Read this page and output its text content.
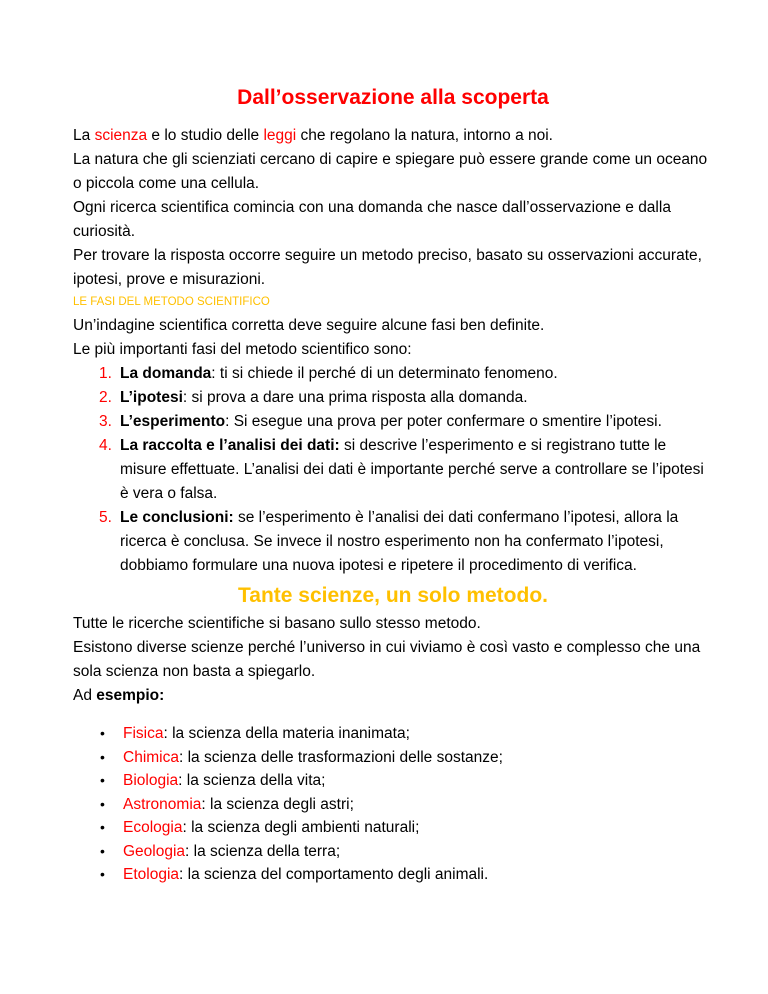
Dall’osservazione alla scoperta

La scienza e lo studio delle leggi che regolano la natura, intorno a noi.

La natura che gli scienziati cercano di capire e spiegare può essere grande come un oceano o piccola come una cellula.

Ogni ricerca scientifica comincia con una domanda che nasce dall’osservazione e dalla curiosità.

Per trovare la risposta occorre seguire un metodo preciso, basato su osservazioni accurate, ipotesi, prove e misurazioni.

LE FASI DEL METODO SCIENTIFICO

Un’indagine scientifica corretta deve seguire alcune fasi ben definite.

Le più importanti fasi del metodo scientifico sono:

1. La domanda: ti si chiede il perché di un determinato fenomeno.
2. L’ipotesi: si prova a dare una prima risposta alla domanda.
3. L’esperimento: Si esegue una prova per poter confermare o smentire l’ipotesi.
4. La raccolta e l’analisi dei dati: si descrive l’esperimento e si registrano tutte le misure effettuate. L’analisi dei dati è importante perché serve a controllare se l’ipotesi è vera o falsa.
5. Le conclusioni: se l’esperimento è l’analisi dei dati confermano l’ipotesi, allora la ricerca è conclusa. Se invece il nostro esperimento non ha confermato l’ipotesi, dobbiamo formulare una nuova ipotesi e ripetere il procedimento di verifica.
Tante scienze, un solo metodo.

Tutte le ricerche scientifiche si basano sullo stesso metodo.

Esistono diverse scienze perché l’universo in cui viviamo è così vasto e complesso che una sola scienza non basta a spiegarlo.

Ad esempio:

• Fisica: la scienza della materia inanimata;
• Chimica: la scienza delle trasformazioni delle sostanze;
• Biologia: la scienza della vita;
• Astronomia: la scienza degli astri;
• Ecologia: la scienza degli ambienti naturali;
• Geologia: la scienza della terra;
• Etologia: la scienza del comportamento degli animali.
